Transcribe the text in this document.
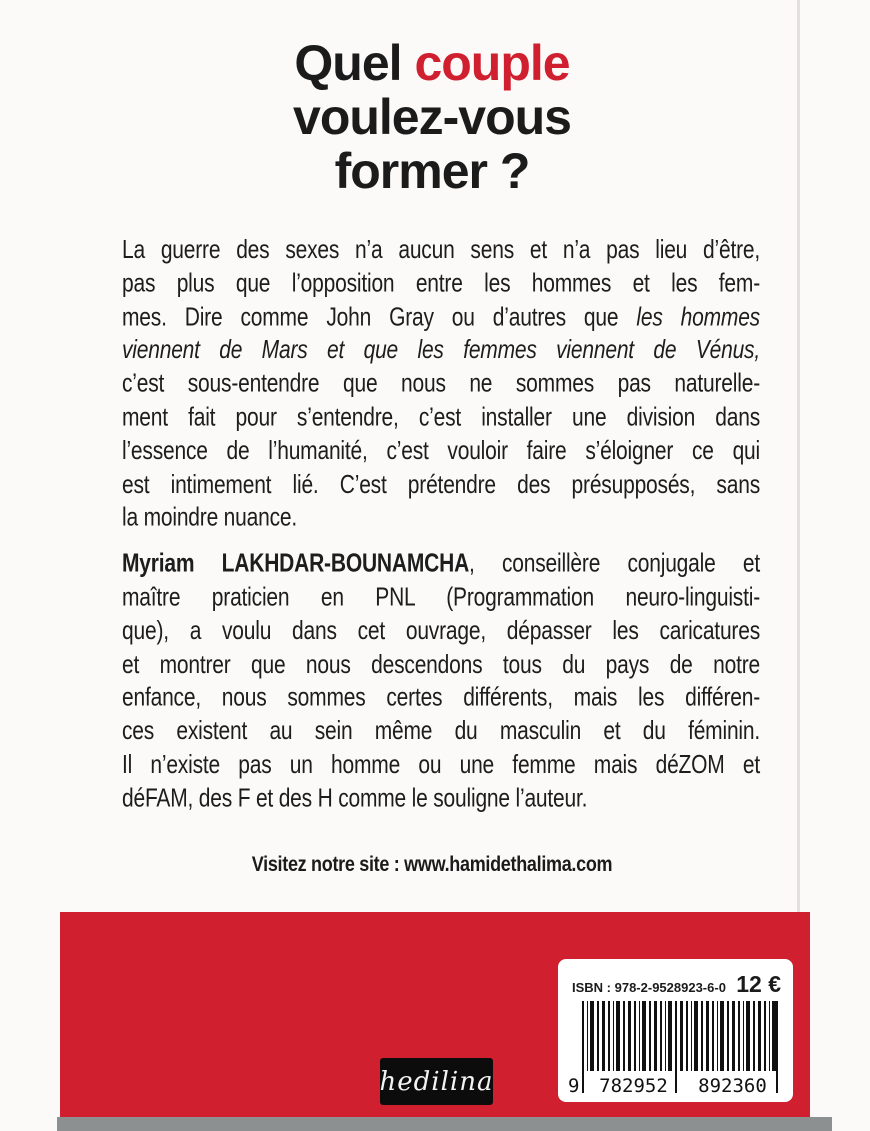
Quel couple
voulez-vous
former ?
La guerre des sexes n’a aucun sens et n’a pas lieu d’être,
pas plus que l’opposition entre les hommes et les fem-
mes. Dire comme John Gray ou d’autres que les hommes
viennent de Mars et que les femmes viennent de Vénus,
c’est sous-entendre que nous ne sommes pas naturelle-
ment fait pour s’entendre, c’est installer une division dans
l’essence de l’humanité, c’est vouloir faire s’éloigner ce qui
est intimement lié. C’est prétendre des présupposés, sans
la moindre nuance.
Myriam LAKHDAR-BOUNAMCHA, conseillère conjugale et
maître praticien en PNL (Programmation neuro-linguisti-
que), a voulu dans cet ouvrage, dépasser les caricatures
et montrer que nous descendons tous du pays de notre
enfance, nous sommes certes différents, mais les différen-
ces existent au sein même du masculin et du féminin.
Il n’existe pas un homme ou une femme mais déZOM et
déFAM, des F et des H comme le souligne l’auteur.
Visitez notre site : www.hamidethalima.com
ISBN : 978-2-9528923-6-0 12 €
9	782952	892360
hedilina
